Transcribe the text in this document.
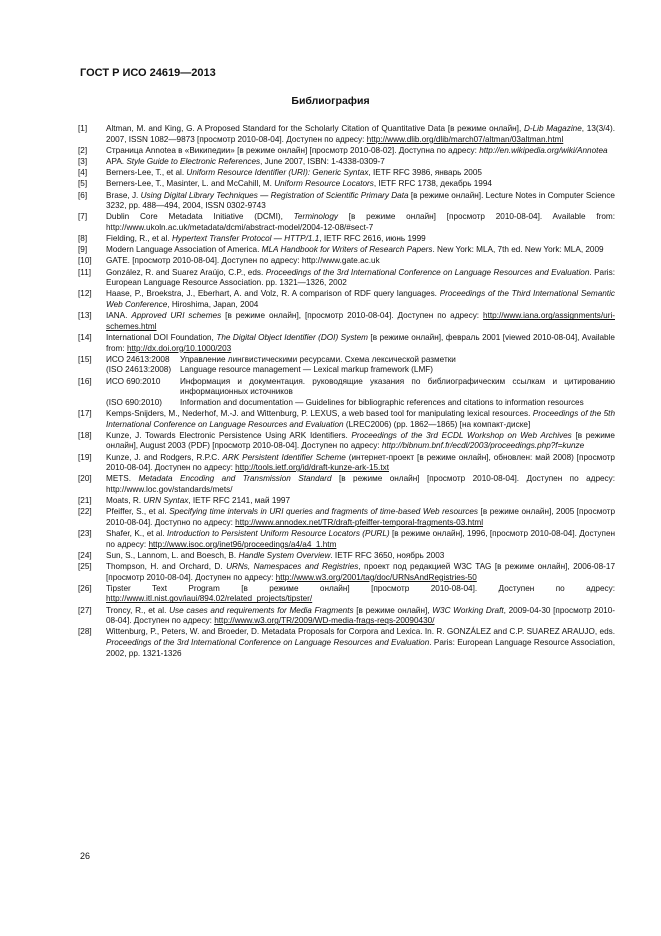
ГОСТ Р ИСО 24619—2013
Библиография
[1]	Altman, M. and King, G. A Proposed Standard for the Scholarly Citation of Quantitative Data [в режиме онлайн], D-Lib Magazine, 13(3/4). 2007, ISSN 1082—9873 [просмотр 2010-08-04]. Доступен по адресу: http://www.dlib.org/dlib/march07/altman/03altman.html
[2]	Страница Annotea в «Википедии» [в режиме онлайн] [просмотр 2010-08-02]. Доступна по адресу: http://en.wikipedia.org/wiki/Annotea
[3]	APA. Style Guide to Electronic References, June 2007, ISBN: 1-4338-0309-7
[4]	Berners-Lee, T., et al. Uniform Resource Identifier (URI): Generic Syntax, IETF RFC 3986, январь 2005
[5]	Berners-Lee, T., Masinter, L. and McCahill, M. Uniform Resource Locators, IETF RFC 1738, декабрь 1994
[6]	Brase, J. Using Digital Library Techniques — Registration of Scientific Primary Data [в режиме онлайн]. Lecture Notes in Computer Science 3232, pp. 488—494, 2004, ISSN 0302-9743
[7]	Dublin Core Metadata Initiative (DCMI), Terminology [в режиме онлайн] [просмотр 2010-08-04]. Available from: http://www.ukoln.ac.uk/metadata/dcmi/abstract-model/2004-12-08/#sect-7
[8]	Fielding, R., et al. Hypertext Transfer Protocol — HTTP/1.1, IETF RFC 2616, июнь 1999
[9]	Modern Language Association of America. MLA Handbook for Writers of Research Papers. New York: MLA, 7th ed. New York: MLA, 2009
[10]	GATE. [просмотр 2010-08-04]. Доступен по адресу: http://www.gate.ac.uk
[11]	González, R. and Suarez Araújo, C.P., eds. Proceedings of the 3rd International Conference on Language Resources and Evaluation. Paris: European Language Resource Association. pp. 1321—1326, 2002
[12]	Haase, P., Broekstra, J., Eberhart, A. and Volz, R. A comparison of RDF query languages. Proceedings of the Third International Semantic Web Conference, Hiroshima, Japan, 2004
[13]	IANA. Approved URI schemes [в режиме онлайн], [просмотр 2010-08-04]. Доступен по адресу: http://www.iana.org/assignments/uri-schemes.html
[14]	International DOI Foundation, The Digital Object Identifier (DOI) System [в режиме онлайн], февраль 2001 [viewed 2010-08-04], Available from: http://dx.doi.org/10.1000/203
[15]	ИСО 24613:2008	Управление лингвистическими ресурсами. Схема лексической разметки
(ISO 24613:2008)	Language resource management — Lexical markup framework (LMF)
[16]	ИСО 690:2010	Информация и документация. руководящие указания по библиографическим ссылкам и цитированию информационных источников
(ISO 690:2010)	Information and documentation — Guidelines for bibliographic references and citations to information resources
[17]	Kemps-Snijders, M., Nederhof, M.-J. and Wittenburg, P. LEXUS, a web based tool for manipulating lexical resources. Proceedings of the 5th International Conference on Language Resources and Evaluation (LREC2006) (pp. 1862—1865) [на компакт-диске]
[18]	Kunze, J. Towards Electronic Persistence Using ARK Identifiers. Proceedings of the 3rd ECDL Workshop on Web Archives [в режиме онлайн], August 2003 (PDF) [просмотр 2010-08-04]. Доступен по адресу: http://bibnum.bnf.fr/ecdl/2003/proceedings.php?f=kunze
[19]	Kunze, J. and Rodgers, R.P.C. ARK Persistent Identifier Scheme (интернет-проект [в режиме онлайн], обновлен: май 2008) [просмотр 2010-08-04]. Доступен по адресу: http://tools.ietf.org/id/draft-kunze-ark-15.txt
[20]	METS. Metadata Encoding and Transmission Standard [в режиме онлайн] [просмотр 2010-08-04]. Доступен по адресу: http://www.loc.gov/standards/mets/
[21]	Moats, R. URN Syntax, IETF RFC 2141, май 1997
[22]	Pfeiffer, S., et al. Specifying time intervals in URI queries and fragments of time-based Web resources [в режиме онлайн], 2005 [просмотр 2010-08-04]. Доступно по адресу: http://www.annodex.net/TR/draft-pfeiffer-temporal-fragments-03.html
[23]	Shafer, K., et al. Introduction to Persistent Uniform Resource Locators (PURL) [в режиме онлайн], 1996, [просмотр 2010-08-04]. Доступен по адресу: http://www.isoc.org/inet96/proceedings/a4/a4_1.htm
[24]	Sun, S., Lannom, L. and Boesch, B. Handle System Overview. IETF RFC 3650, ноябрь 2003
[25]	Thompson, H. and Orchard, D. URNs, Namespaces and Registries, проект под редакцией W3C TAG [в режиме онлайн], 2006-08-17 [просмотр 2010-08-04]. Доступен по адресу: http://www.w3.org/2001/tag/doc/URNsAndRegistries-50
[26]	Tipster Text Program [в режиме онлайн] [просмотр 2010-08-04]. Доступен по адресу: http://www.itl.nist.gov/iaui/894.02/related_projects/tipster/
[27]	Troncy, R., et al. Use cases and requirements for Media Fragments [в режиме онлайн], W3C Working Draft, 2009-04-30 [просмотр 2010-08-04]. Доступен по адресу: http://www.w3.org/TR/2009/WD-media-frags-reqs-20090430/
[28]	Wittenburg, P., Peters, W. and Broeder, D. Metadata Proposals for Corpora and Lexica. In. R. GONZÁLEZ and C.P. SUAREZ ARAUJO, eds. Proceedings of the 3rd International Conference on Language Resources and Evaluation. Paris: European Language Resource Association, 2002, pp. 1321-1326
26
